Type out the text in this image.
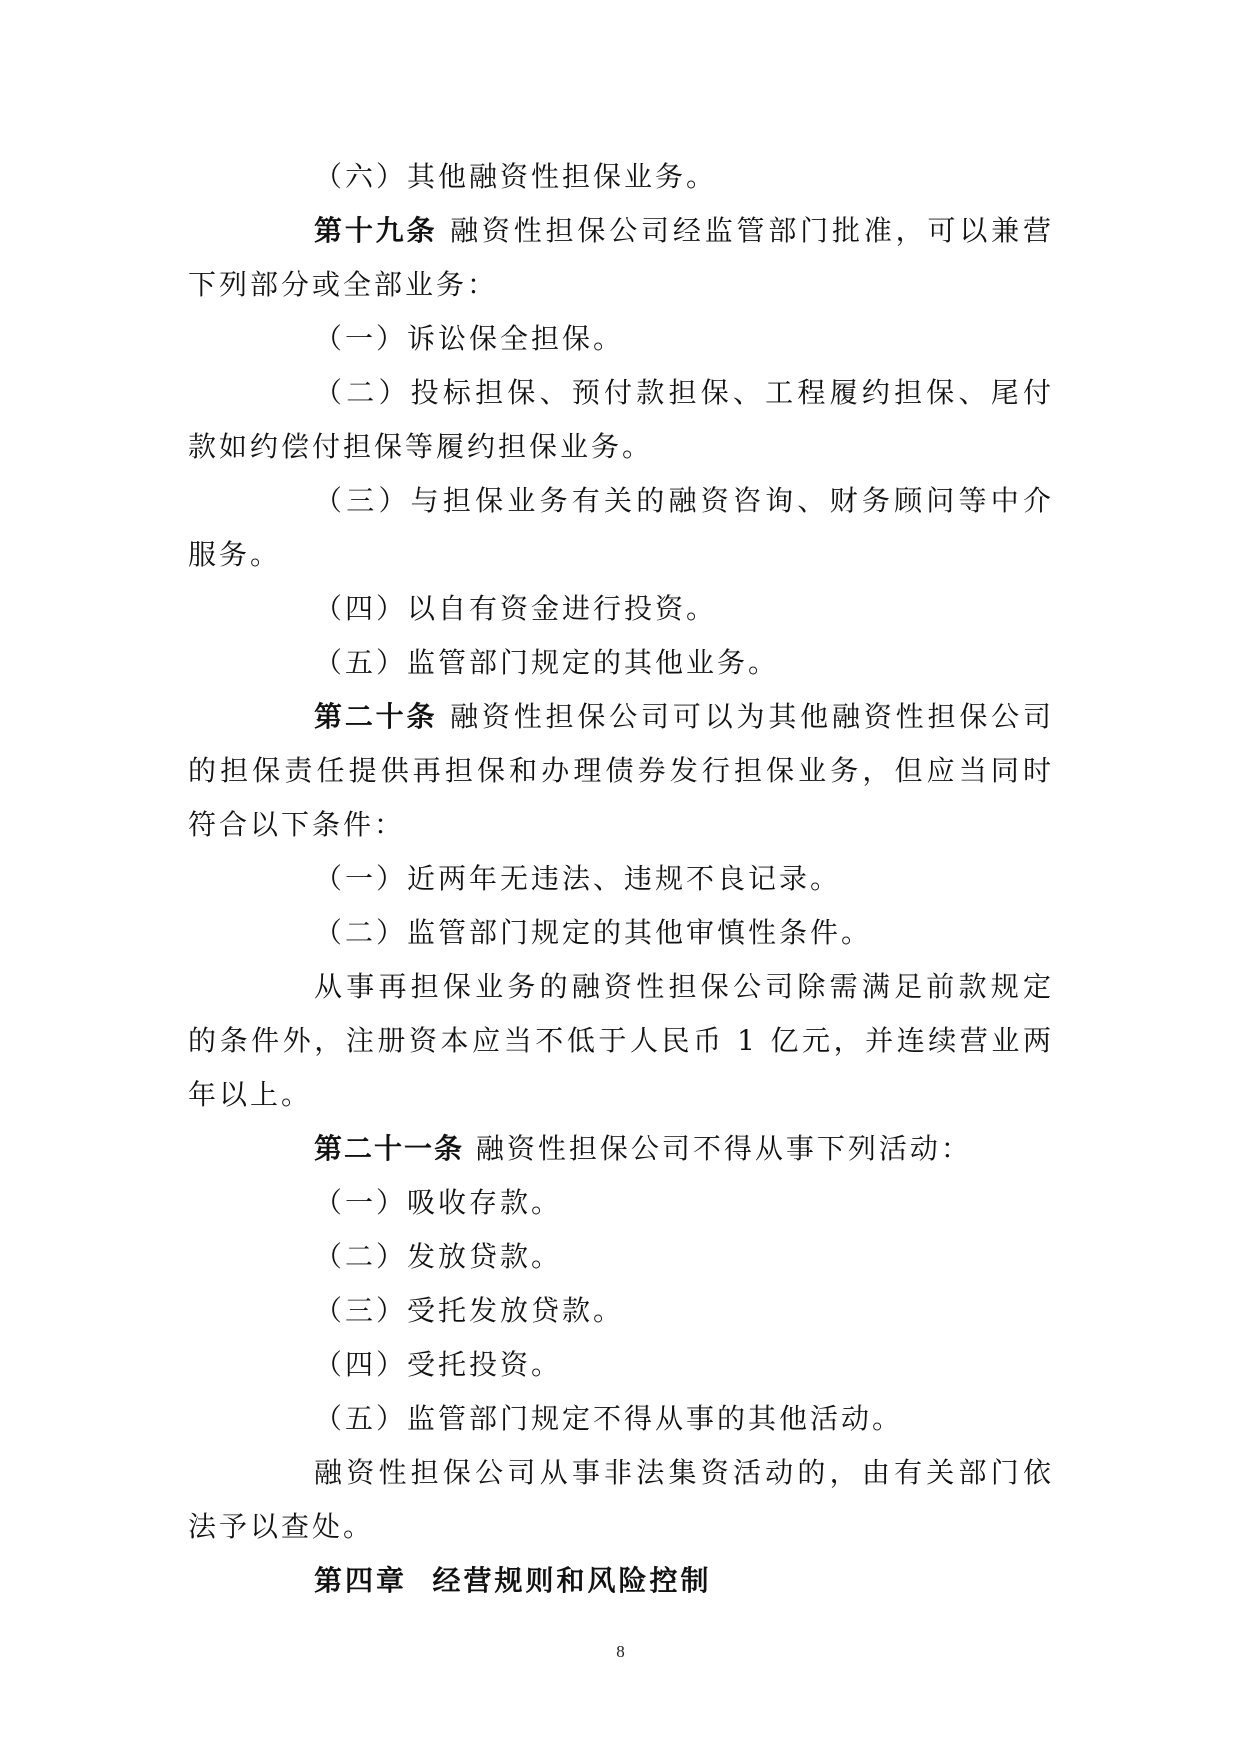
（六）其他融资性担保业务。

第十九条 融资性担保公司经监管部门批准，可以兼营下列部分或全部业务：

（一）诉讼保全担保。

（二）投标担保、预付款担保、工程履约担保、尾付款如约偿付担保等履约担保业务。

（三）与担保业务有关的融资咨询、财务顾问等中介服务。

（四）以自有资金进行投资。

（五）监管部门规定的其他业务。

第二十条 融资性担保公司可以为其他融资性担保公司的担保责任提供再担保和办理债券发行担保业务，但应当同时符合以下条件：

（一）近两年无违法、违规不良记录。

（二）监管部门规定的其他审慎性条件。

从事再担保业务的融资性担保公司除需满足前款规定的条件外，注册资本应当不低于人民币 1 亿元，并连续营业两年以上。

第二十一条 融资性担保公司不得从事下列活动：

（一）吸收存款。

（二）发放贷款。

（三）受托发放贷款。

（四）受托投资。

（五）监管部门规定不得从事的其他活动。

融资性担保公司从事非法集资活动的，由有关部门依法予以查处。

第四章  经营规则和风险控制

8
